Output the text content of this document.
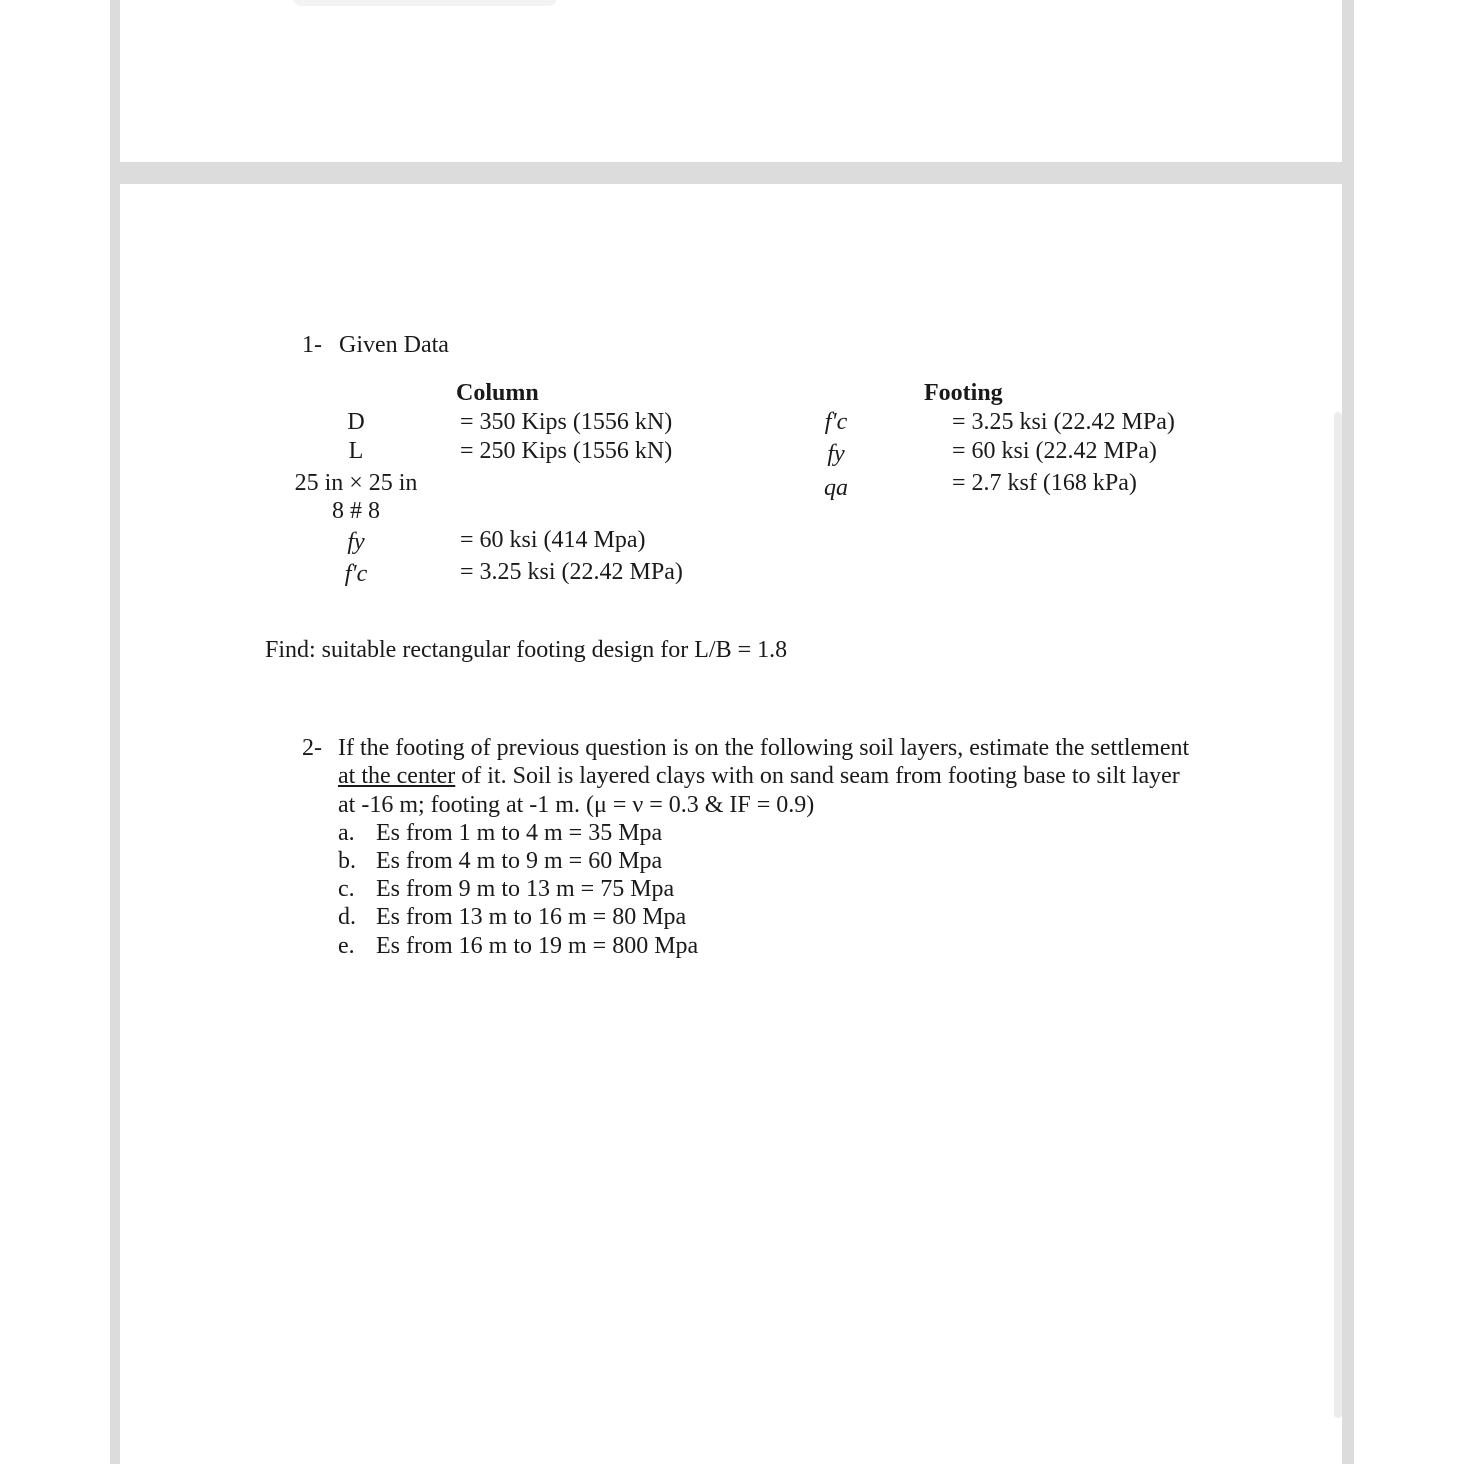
1- Given Data
Column	Footing
D
L
25 in × 25 in
8 # 8
fy
f'c
= 350 Kips (1556 kN)
= 250 Kips (1556 kN)
= 60 ksi (414 Mpa)
= 3.25 ksi (22.42 MPa)
f'c
fy
qa
= 3.25 ksi (22.42 MPa)
= 60 ksi (22.42 MPa)
= 2.7 ksf (168 kPa)
Find: suitable rectangular footing design for L/B = 1.8
2- If the footing of previous question is on the following soil layers, estimate the settlement
at the center of it. Soil is layered clays with on sand seam from footing base to silt layer
at -16 m; footing at -1 m. (μ = ν = 0.3 & IF = 0.9)
a. Es from 1 m to 4 m = 35 Mpa
b. Es from 4 m to 9 m = 60 Mpa
c. Es from 9 m to 13 m = 75 Mpa
d. Es from 13 m to 16 m = 80 Mpa
e. Es from 16 m to 19 m = 800 Mpa
